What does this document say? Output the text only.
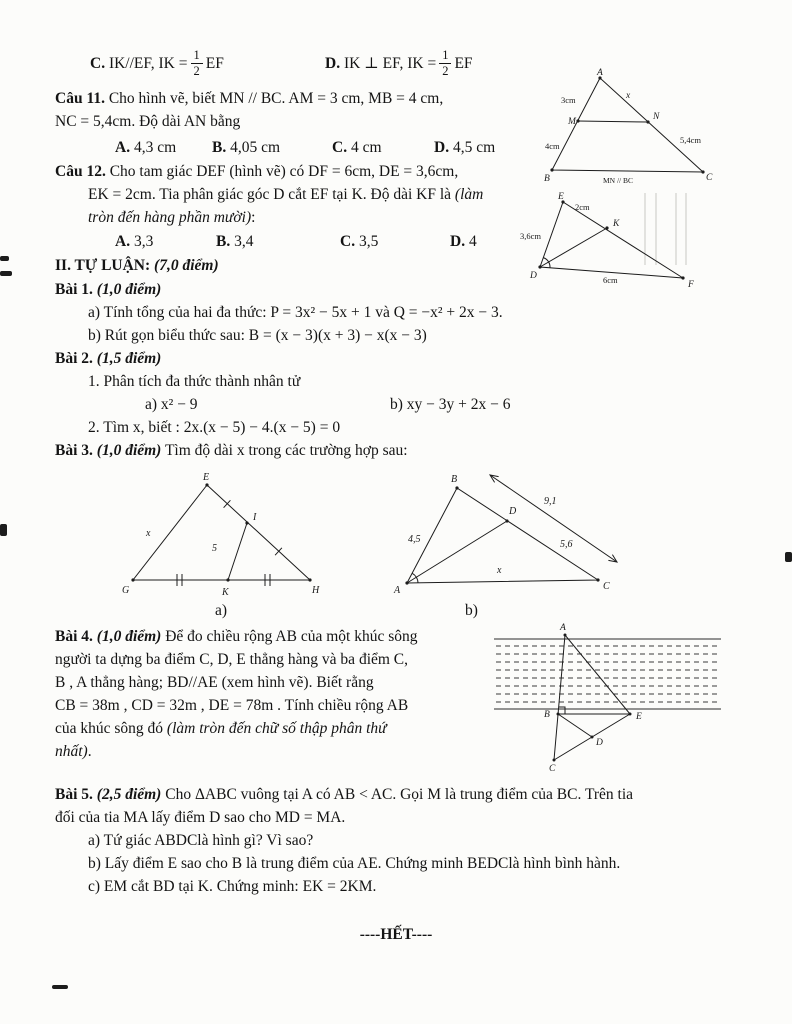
C.
IK//EF, IK = $\frac{1}{2}$ EF	D.
IK ⊥ EF, IK = $\frac{1}{2}$ EF
Câu 11. Cho hình vẽ, biết MN // BC. AM = 3 cm, MB = 4 cm,
NC = 5,4cm. Độ dài AN bằng
A. 4,3 cm B. 4,05 cm	C. 4 cm	D. 4,5 cm
A
M	N
x
B	C
3cm
4cm
5,4cm
MN // BC
Câu 12. Cho tam giác DEF (hình vẽ) có DF = 6cm, DE = 3,6cm,
EK = 2cm. Tia phân giác góc D cắt EF tại K. Độ dài KF là (làm
tròn đến hàng phần mười):
A. 3,3	B. 3,4	C. 3,5	D. 4
E
K
D
F
2cm
3,6cm
6cm
II. TỰ LUẬN: (7,0 điểm)
Bài 1. (1,0 điểm)
a) Tính tổng của hai đa thức: P = 3x² − 5x + 1 và Q = −x² + 2x − 3.
b) Rút gọn biểu thức sau: B = (x − 3)(x + 3) − x(x − 3)
Bài 2. (1,5 điểm)
1. Phân tích đa thức thành nhân tử
a) x² − 9	b) xy − 3y + 2x − 6
2. Tìm x, biết : 2x.(x − 5) − 4.(x − 5) = 0
Bài 3. (1,0 điểm) Tìm độ dài x trong các trường hợp sau:
E
I
5
x
G	K	H
B
A	C
D
4,5
9,1
5,6
x
a)	b)
Bài 4. (1,0 điểm) Để đo chiều rộng AB của một khúc sông
người ta dựng ba điểm C, D, E thẳng hàng và ba điểm C,
B , A thẳng hàng; BD//AE (xem hình vẽ). Biết rằng
CB = 38m , CD = 32m , DE = 78m . Tính chiều rộng AB
của khúc sông đó (làm tròn đến chữ số thập phân thứ
nhất).
A
B	E
D
C
Bài 5. (2,5 điểm) Cho ΔABC vuông tại A có AB < AC. Gọi M là trung điểm của BC. Trên tia
đối của tia MA lấy điểm D sao cho MD = MA.
a) Tứ giác ABDClà hình gì? Vì sao?
b) Lấy điểm E sao cho B là trung điểm của AE. Chứng minh BEDClà hình bình hành.
c) EM cắt BD tại K. Chứng minh: EK = 2KM.
----HẾT----
